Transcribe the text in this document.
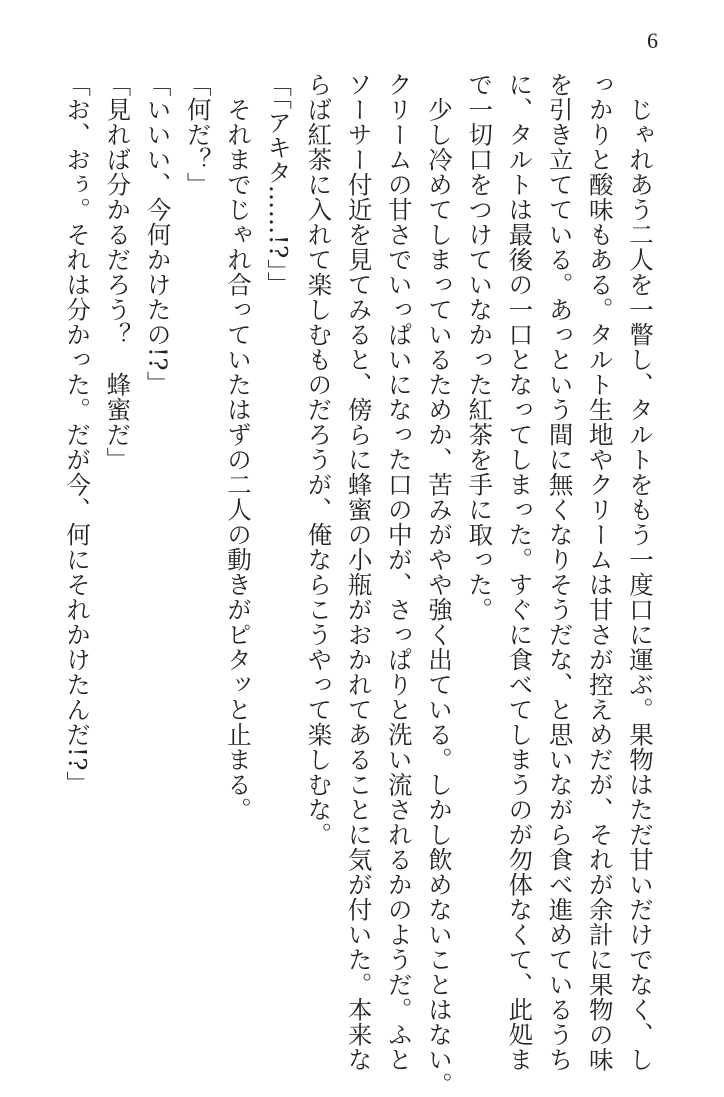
6
　じゃれあう二人を一瞥し、タルトをもう一度口に運ぶ。果物はただ甘いだけでなく、し
っかりと酸味もある。タルト生地やクリームは甘さが控えめだが、それが余計に果物の味
を引き立てている。あっという間に無くなりそうだな、と思いながら食べ進めているうち
に、タルトは最後の一口となってしまった。すぐに食べてしまうのが勿体なくて、此処ま
で一切口をつけていなかった紅茶を手に取った。
　少し冷めてしまっているためか、苦みがやや強く出ている。しかし飲めないことはない。
クリームの甘さでいっぱいになった口の中が、さっぱりと洗い流されるかのようだ。ふと
ソーサー付近を見てみると、傍らに蜂蜜の小瓶がおかれてあることに気が付いた。本来な
らば紅茶に入れて楽しむものだろうが、俺ならこうやって楽しむな。
「「アキタ……!?」」
　それまでじゃれ合っていたはずの二人の動きがピタッと止まる。
「何だ？」
「いいい、今何かけたの!?」
「見れば分かるだろう？　蜂蜜だ」
「お、おぅ。それは分かった。だが今、何にそれかけたんだ!?」
